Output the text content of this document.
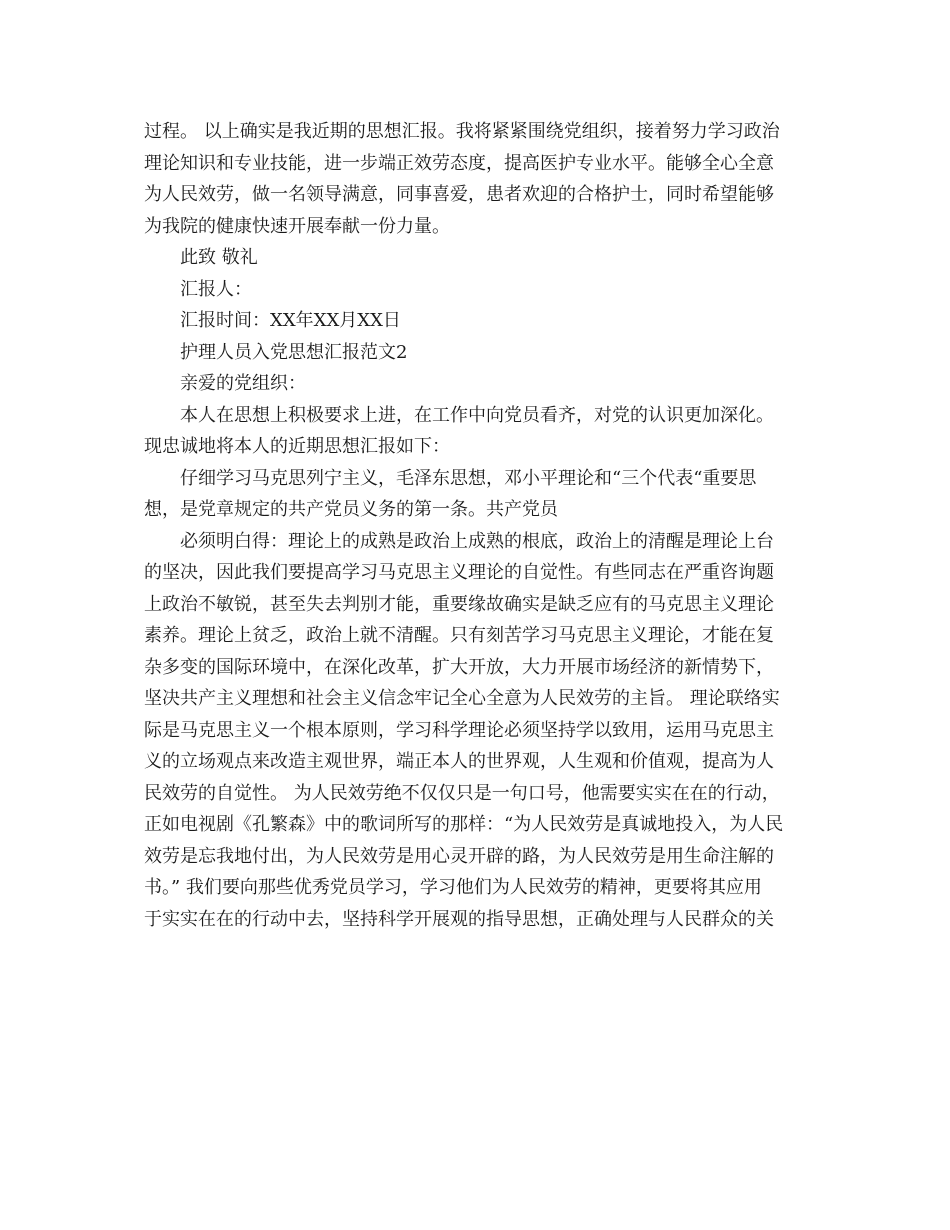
过程。 以上确实是我近期的思想汇报。我将紧紧围绕党组织，接着努力学习政治
理论知识和专业技能，进一步端正效劳态度，提高医护专业水平。能够全心全意
为人民效劳，做一名领导满意，同事喜爱，患者欢迎的合格护士，同时希望能够
为我院的健康快速开展奉献一份力量。
此致 敬礼
汇报人：
汇报时间：XX年XX月XX日
护理人员入党思想汇报范文2
亲爱的党组织：
本人在思想上积极要求上进，在工作中向党员看齐，对党的认识更加深化。
现忠诚地将本人的近期思想汇报如下：
仔细学习马克思列宁主义，毛泽东思想，邓小平理论和“三个代表“重要思
想，是党章规定的共产党员义务的第一条。共产党员
必须明白得：理论上的成熟是政治上成熟的根底，政治上的清醒是理论上台
的坚决，因此我们要提高学习马克思主义理论的自觉性。有些同志在严重咨询题
上政治不敏锐，甚至失去判别才能，重要缘故确实是缺乏应有的马克思主义理论
素养。理论上贫乏，政治上就不清醒。只有刻苦学习马克思主义理论，才能在复
杂多变的国际环境中，在深化改革，扩大开放，大力开展市场经济的新情势下，
坚决共产主义理想和社会主义信念牢记全心全意为人民效劳的主旨。 理论联络实
际是马克思主义一个根本原则，学习科学理论必须坚持学以致用，运用马克思主
义的立场观点来改造主观世界，端正本人的世界观，人生观和价值观，提高为人
民效劳的自觉性。 为人民效劳绝不仅仅只是一句口号，他需要实实在在的行动，
正如电视剧《孔繁森》中的歌词所写的那样：“为人民效劳是真诚地投入，为人民
效劳是忘我地付出，为人民效劳是用心灵开辟的路，为人民效劳是用生命注解的
书。” 我们要向那些优秀党员学习，学习他们为人民效劳的精神，更要将其应用
于实实在在的行动中去，坚持科学开展观的指导思想，正确处理与人民群众的关
